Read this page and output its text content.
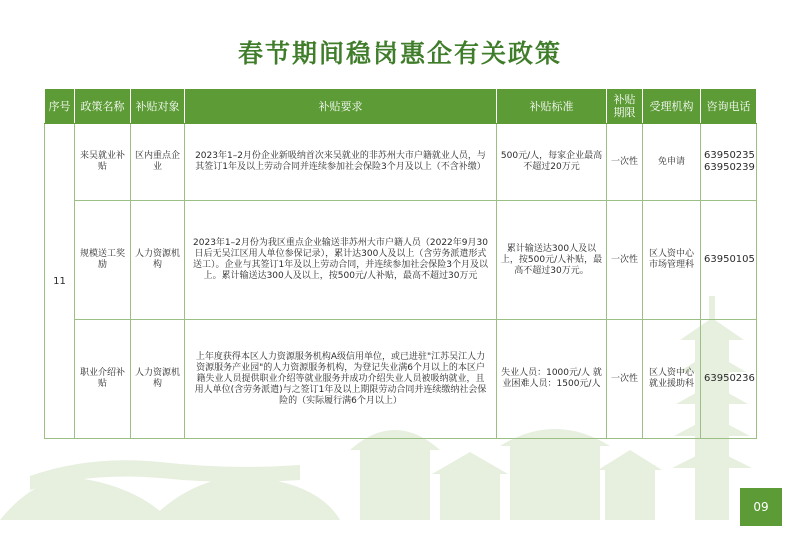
春节期间稳岗惠企有关政策
序号	政策名称	补贴对象	补贴要求	补贴标准	补贴期限	受理机构	咨询电话
11	来吴就业补贴	区内重点企业	2023年1–2月份企业新吸纳首次来吴就业的非苏州大市户籍就业人员，与其签订1年及以上劳动合同并连续参加社会保险3个月及以上（不含补缴）	500元/人，每家企业最高不超过20万元	一次性	免申请	63950235 63950239
	规模送工奖励	人力资源机构	2023年1–2月份为我区重点企业输送非苏州大市户籍人员（2022年9月30日后无吴江区用人单位参保记录），累计达300人及以上（含劳务派遣形式送工）。企业与其签订1年及以上劳动合同，并连续参加社会保险3个月及以上。累计输送达300人及以上，按500元/人补贴，最高不超过30万元	累计输送达300人及以上，按500元/人补贴，最高不超过30万元。	一次性	区人资中心市场管理科	63950105
	职业介绍补贴	人力资源机构	上年度获得本区人力资源服务机构A级信用单位，或已进驻"江苏吴江人力资源服务产业园"的人力资源服务机构，为登记失业满6个月以上的本区户籍失业人员提供职业介绍等就业服务并成功介绍失业人员被吸纳就业，且用人单位(含劳务派遣)与之签订1年及以上期限劳动合同并连续缴纳社会保险的（实际履行满6个月以上）	失业人员：1000元/人 就业困难人员：1500元/人	一次性	区人资中心就业援助科	63950236
09
